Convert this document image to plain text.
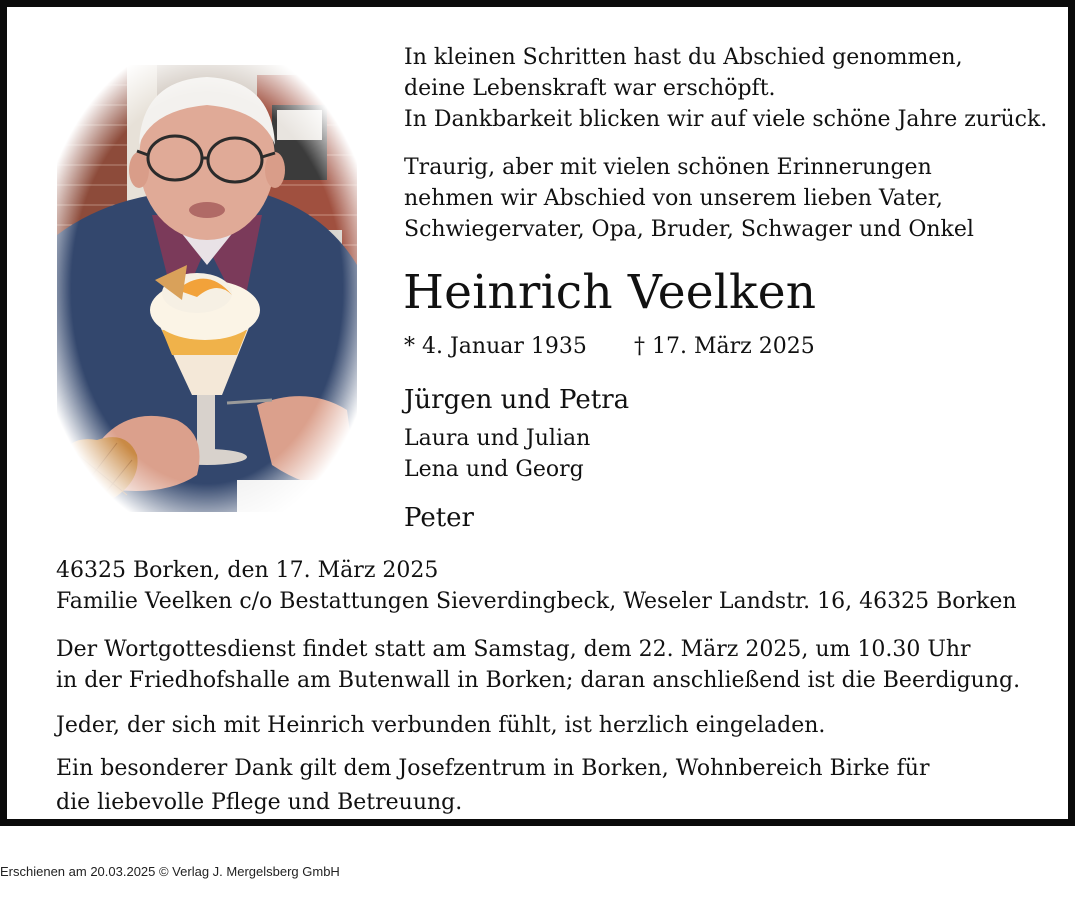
In kleinen Schritten hast du Abschied genommen,
deine Lebenskraft war erschöpft.
In Dankbarkeit blicken wir auf viele schöne Jahre zurück.
Traurig, aber mit vielen schönen Erinnerungen
nehmen wir Abschied von unserem lieben Vater,
Schwiegervater, Opa, Bruder, Schwager und Onkel
Heinrich Veelken
* 4. Januar 1935 † 17. März 2025
Jürgen und Petra
Laura und Julian
Lena und Georg
Peter
46325 Borken, den 17. März 2025
Familie Veelken c/o Bestattungen Sieverdingbeck, Weseler Landstr. 16, 46325 Borken
Der Wortgottesdienst findet statt am Samstag, dem 22. März 2025, um 10.30 Uhr
in der Friedhofshalle am Butenwall in Borken; daran anschließend ist die Beerdigung.
Jeder, der sich mit Heinrich verbunden fühlt, ist herzlich eingeladen.
Ein besonderer Dank gilt dem Josefzentrum in Borken, Wohnbereich Birke für
die liebevolle Pflege und Betreuung.
Erschienen am 20.03.2025 © Verlag J. Mergelsberg GmbH
